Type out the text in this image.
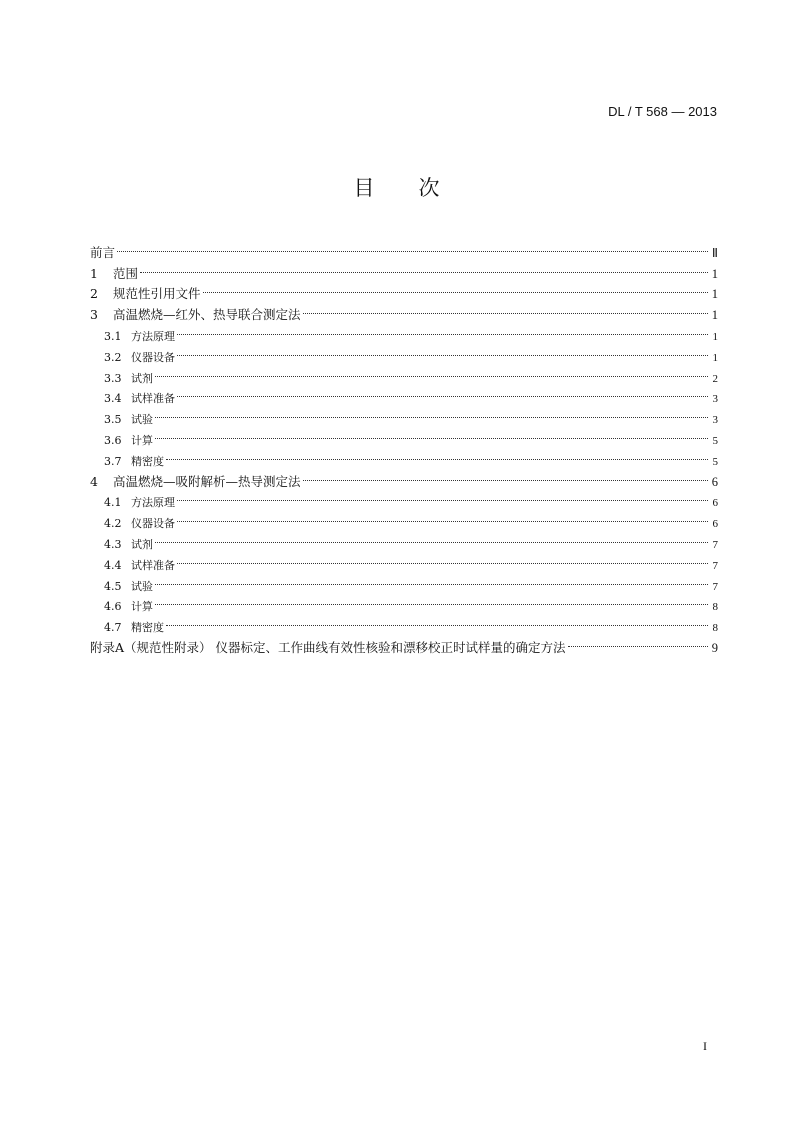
DL / T 568 — 2013
目次
前言	Ⅱ
1	范围	1
2	规范性引用文件	1
3	高温燃烧—红外、热导联合测定法	1
3.1 方法原理	1
3.2 仪器设备	1
3.3 试剂	2
3.4 试样准备	3
3.5 试验	3
3.6 计算	5
3.7 精密度	5
4	高温燃烧—吸附解析—热导测定法	6
4.1 方法原理	6
4.2 仪器设备	6
4.3 试剂	7
4.4 试样准备	7
4.5 试验	7
4.6 计算	8
4.7 精密度	8
附录A（规范性附录） 仪器标定、工作曲线有效性核验和漂移校正时试样量的确定方法	9
I
